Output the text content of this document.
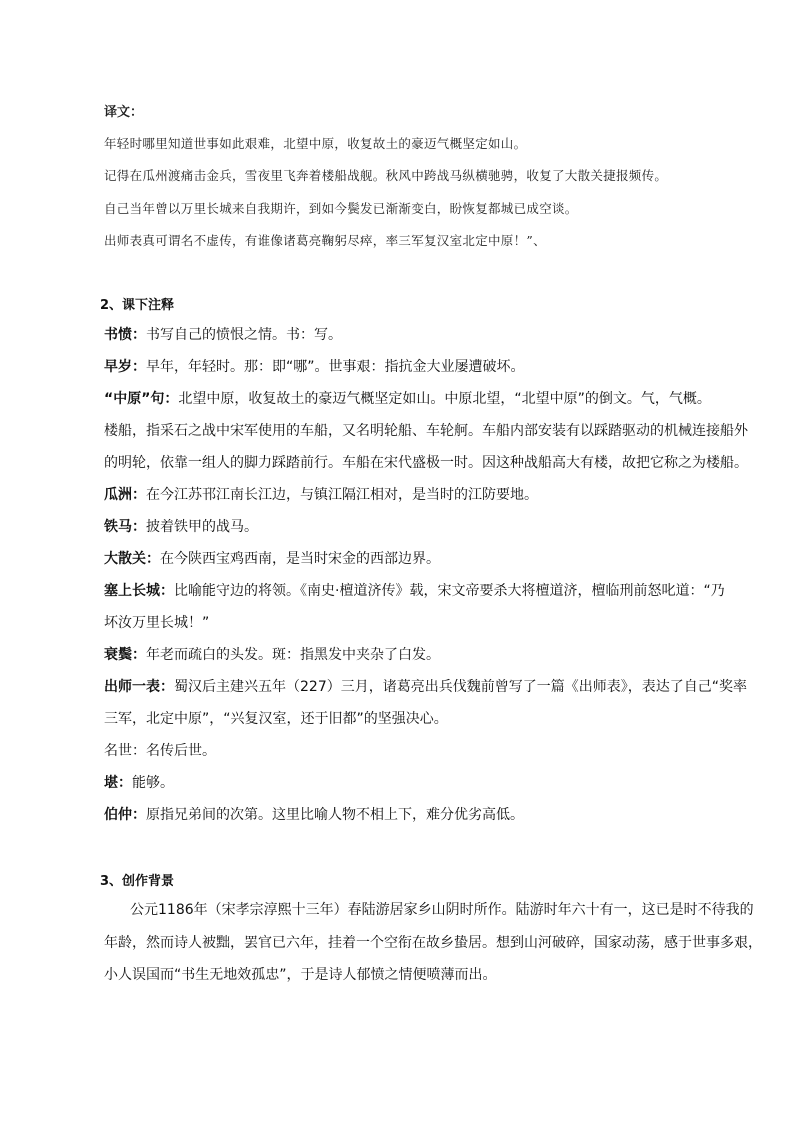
译文：
年轻时哪里知道世事如此艰难，北望中原，收复故土的豪迈气概坚定如山。
记得在瓜州渡痛击金兵，雪夜里飞奔着楼船战舰。秋风中跨战马纵横驰骋，收复了大散关捷报频传。
自己当年曾以万里长城来自我期许，到如今鬓发已渐渐变白，盼恢复都城已成空谈。
出师表真可谓名不虚传，有谁像诸葛亮鞠躬尽瘁，率三军复汉室北定中原！”、
2、课下注释
书愤：书写自己的愤恨之情。书：写。
早岁：早年，年轻时。那：即“哪”。世事艰：指抗金大业屡遭破坏。
“中原”句：北望中原，收复故土的豪迈气概坚定如山。中原北望，“北望中原”的倒文。气，气概。
楼船，指采石之战中宋军使用的车船，又名明轮船、车轮舸。车船内部安装有以踩踏驱动的机械连接船外
的明轮，依靠一组人的脚力踩踏前行。车船在宋代盛极一时。因这种战船高大有楼，故把它称之为楼船。
瓜洲：在今江苏邗江南长江边，与镇江隔江相对，是当时的江防要地。
铁马：披着铁甲的战马。
大散关：在今陕西宝鸡西南，是当时宋金的西部边界。
塞上长城：比喻能守边的将领。《南史·檀道济传》载，宋文帝要杀大将檀道济，檀临刑前怒叱道：“乃
坏汝万里长城！”
衰鬓：年老而疏白的头发。斑：指黑发中夹杂了白发。
出师一表：蜀汉后主建兴五年（227）三月，诸葛亮出兵伐魏前曾写了一篇《出师表》，表达了自己“奖率
三军，北定中原”，“兴复汉室，还于旧都”的坚强决心。
名世：名传后世。
堪：能够。
伯仲：原指兄弟间的次第。这里比喻人物不相上下，难分优劣高低。
3、创作背景
公元1186年（宋孝宗淳熙十三年）春陆游居家乡山阴时所作。陆游时年六十有一，这已是时不待我的
年龄，然而诗人被黜，罢官已六年，挂着一个空衔在故乡蛰居。想到山河破碎，国家动荡，感于世事多艰，
小人误国而“书生无地效孤忠”，于是诗人郁愤之情便喷薄而出。
